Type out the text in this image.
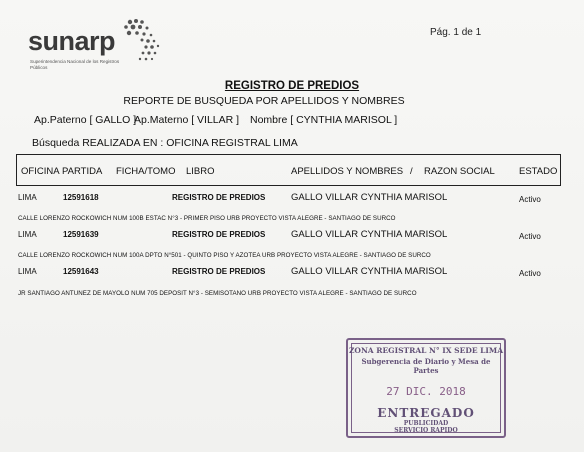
sunarp
Superintendencia Nacional de los Registros Públicos
Pág. 1 de 1
REGISTRO DE PREDIOS
REPORTE DE BUSQUEDA POR APELLIDOS Y NOMBRES
Ap.Paterno [ GALLO ]
Ap.Materno [ VILLAR ] Nombre [ CYNTHIA MARISOL ]
Búsqueda REALIZADA EN : OFICINA REGISTRAL LIMA
OFICINA PARTIDA FICHA/TOMO LIBRO	APELLIDOS Y NOMBRES / RAZON SOCIAL	ESTADO
LIMA	12591618	REGISTRO DE PREDIOS	GALLO VILLAR CYNTHIA MARISOL	Activo
CALLE LORENZO ROCKOWICH NUM 100B ESTAC N°3 - PRIMER PISO URB PROYECTO VISTA ALEGRE - SANTIAGO DE SURCO
LIMA	12591639	REGISTRO DE PREDIOS	GALLO VILLAR CYNTHIA MARISOL	Activo
CALLE LORENZO ROCKOWICH NUM 100A DPTO N°501 - QUINTO PISO Y AZOTEA URB PROYECTO VISTA ALEGRE - SANTIAGO DE SURCO
LIMA	12591643	REGISTRO DE PREDIOS	GALLO VILLAR CYNTHIA MARISOL	Activo
JR SANTIAGO ANTUNEZ DE MAYOLO NUM 705 DEPOSIT N°3 - SEMISOTANO URB PROYECTO VISTA ALEGRE - SANTIAGO DE SURCO
ZONA REGISTRAL N° IX SEDE LIMA
Subgerencia de Diario y Mesa de Partes
27 DIC. 2018
ENTREGADO
PUBLICIDAD
SERVICIO RAPIDO
